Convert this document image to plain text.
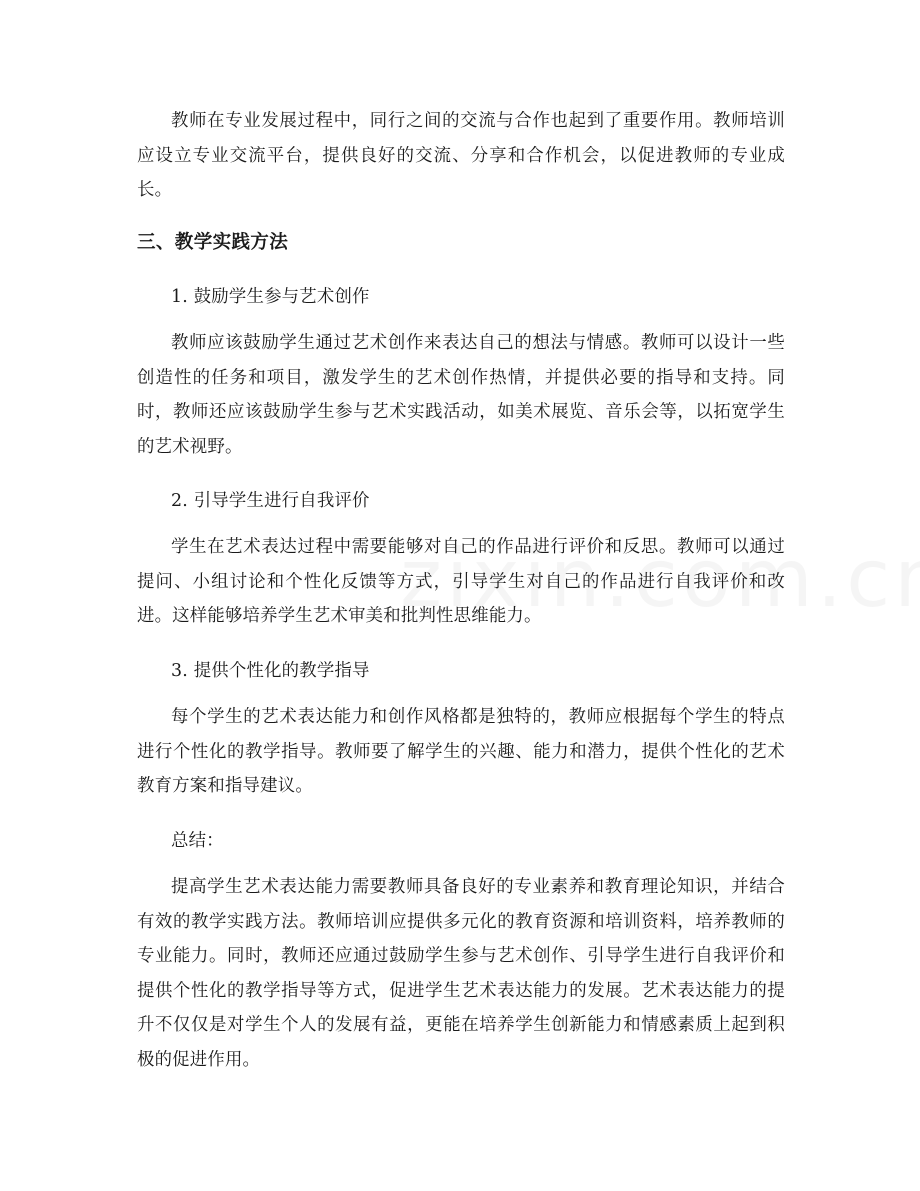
教师在专业发展过程中，同行之间的交流与合作也起到了重要作用。教师培训应设立专业交流平台，提供良好的交流、分享和合作机会，以促进教师的专业成长。

三、教学实践方法

1. 鼓励学生参与艺术创作

教师应该鼓励学生通过艺术创作来表达自己的想法与情感。教师可以设计一些创造性的任务和项目，激发学生的艺术创作热情，并提供必要的指导和支持。同时，教师还应该鼓励学生参与艺术实践活动，如美术展览、音乐会等，以拓宽学生的艺术视野。

2. 引导学生进行自我评价

学生在艺术表达过程中需要能够对自己的作品进行评价和反思。教师可以通过提问、小组讨论和个性化反馈等方式，引导学生对自己的作品进行自我评价和改进。这样能够培养学生艺术审美和批判性思维能力。

3. 提供个性化的教学指导

每个学生的艺术表达能力和创作风格都是独特的，教师应根据每个学生的特点进行个性化的教学指导。教师要了解学生的兴趣、能力和潜力，提供个性化的艺术教育方案和指导建议。

总结：

提高学生艺术表达能力需要教师具备良好的专业素养和教育理论知识，并结合有效的教学实践方法。教师培训应提供多元化的教育资源和培训资料，培养教师的专业能力。同时，教师还应通过鼓励学生参与艺术创作、引导学生进行自我评价和提供个性化的教学指导等方式，促进学生艺术表达能力的发展。艺术表达能力的提升不仅仅是对学生个人的发展有益，更能在培养学生创新能力和情感素质上起到积极的促进作用。
